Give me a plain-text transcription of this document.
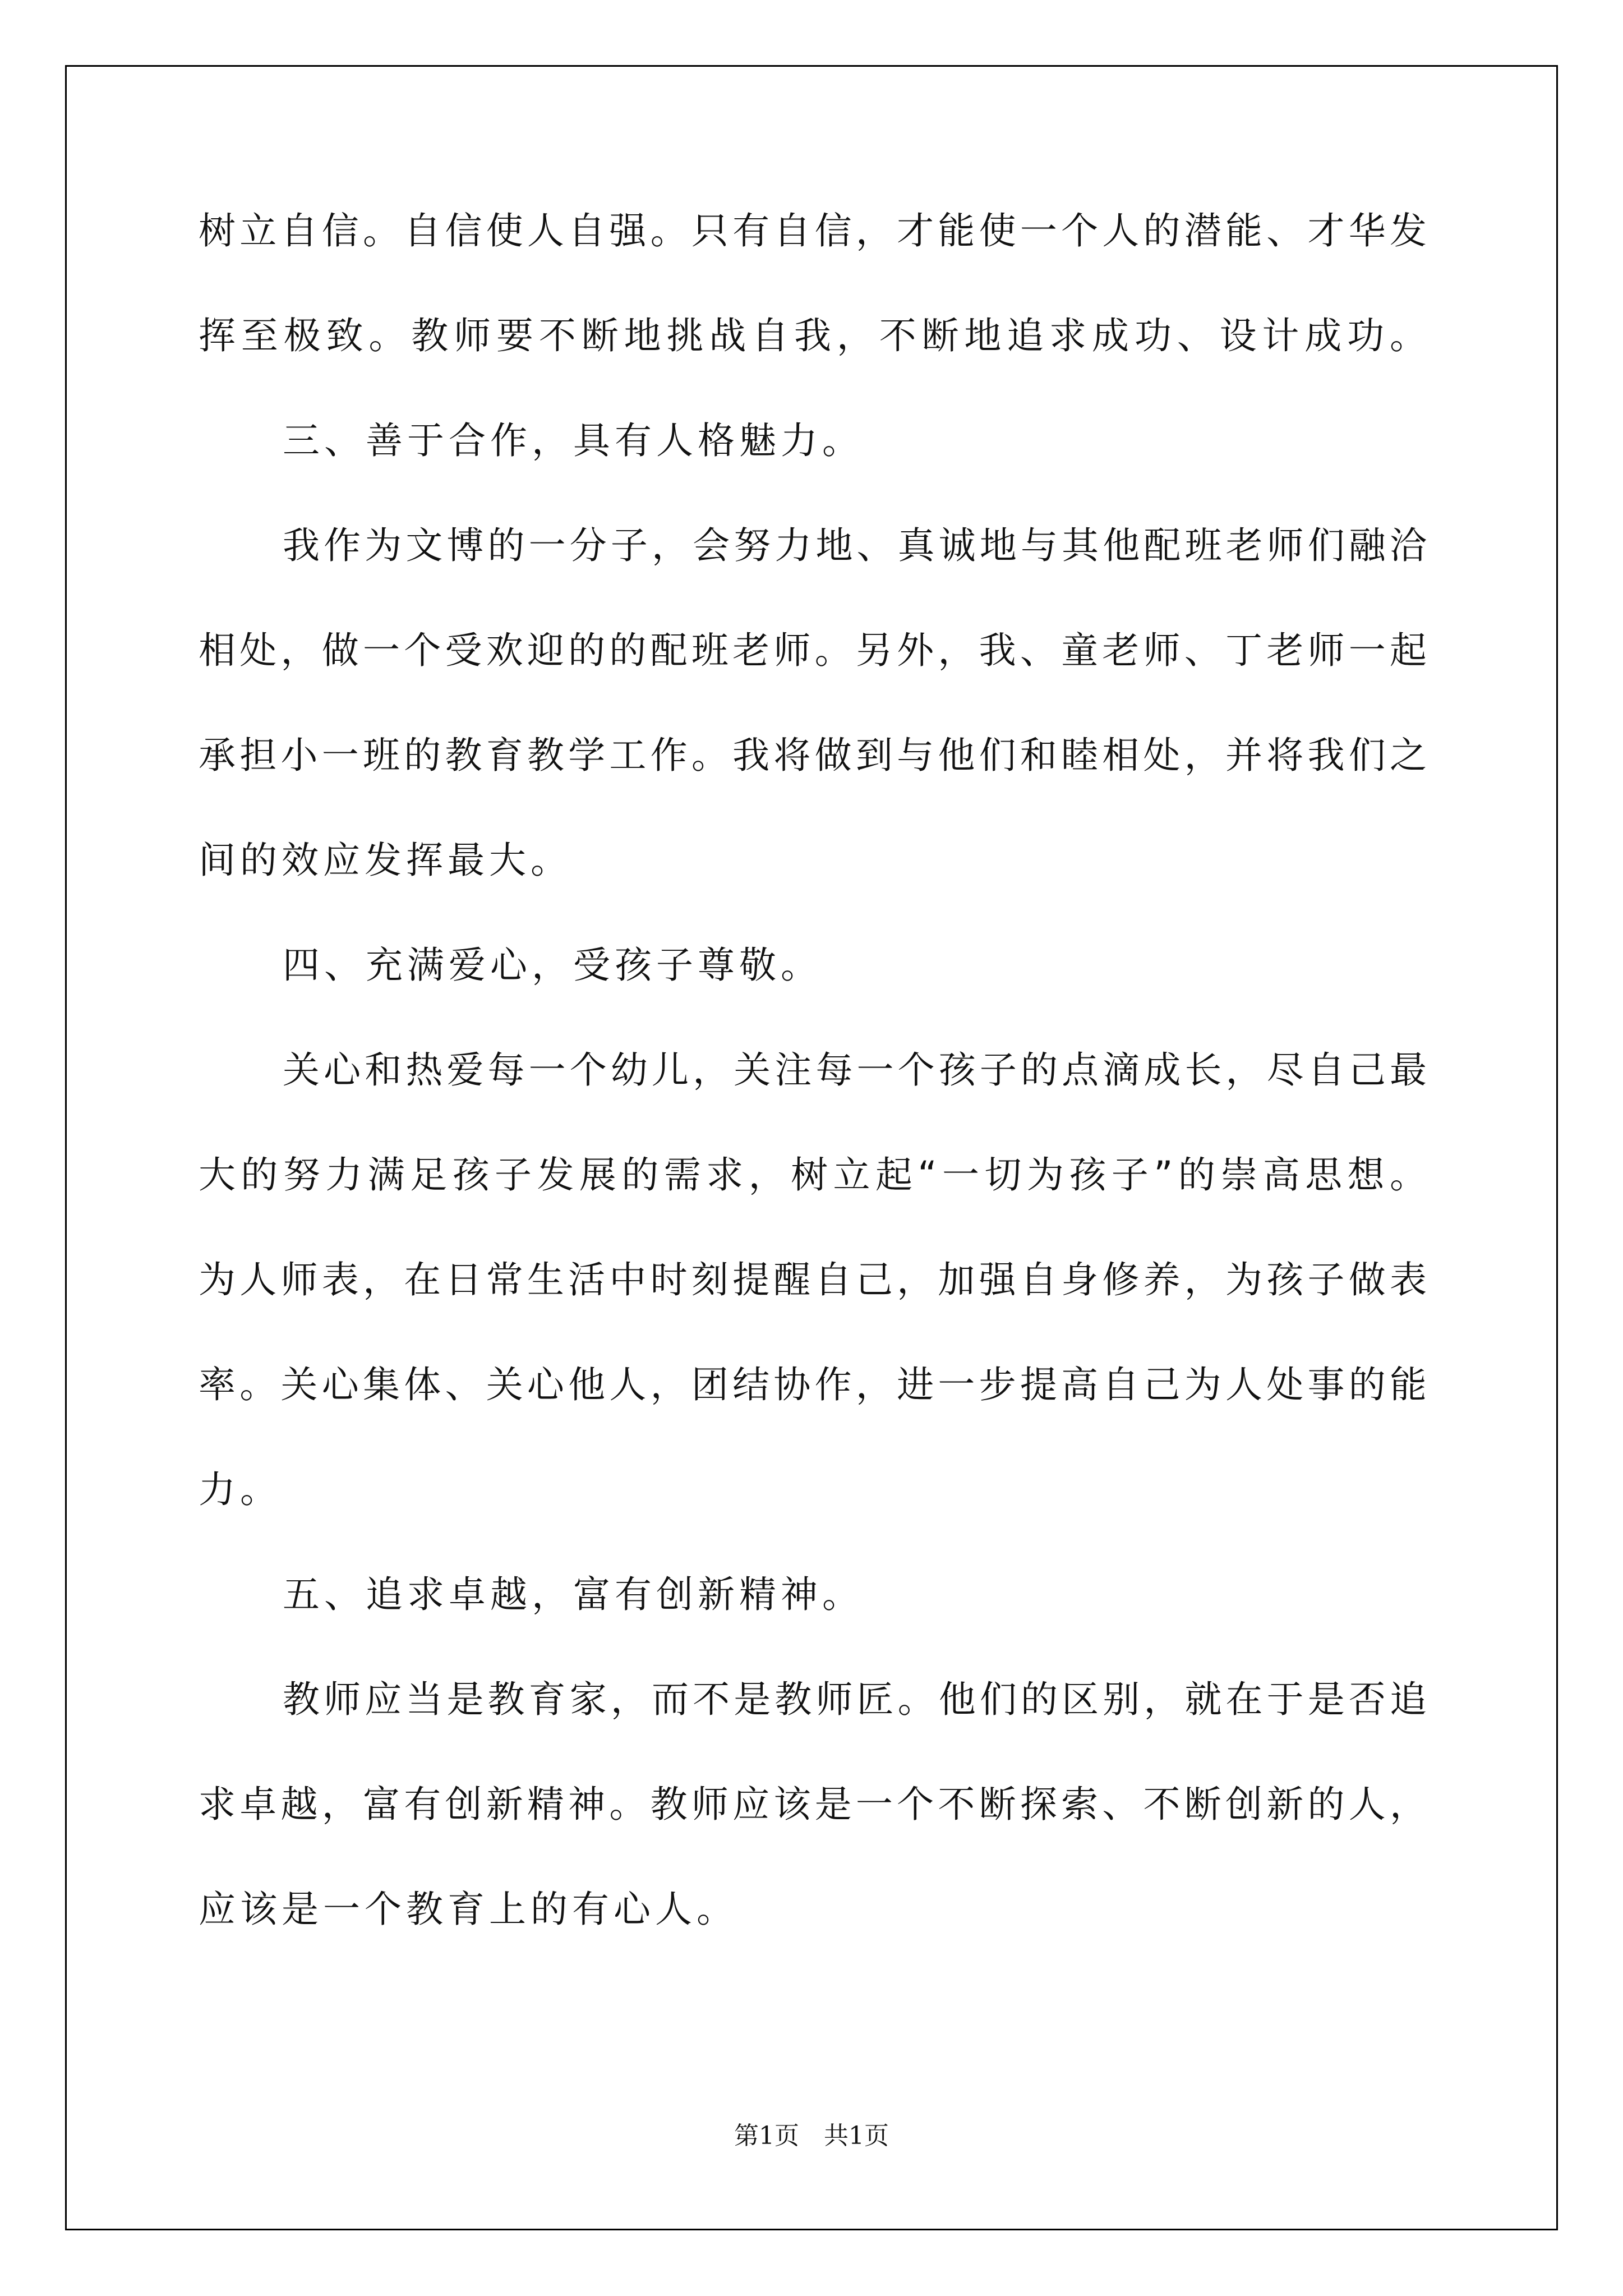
树立自信。自信使人自强。只有自信，才能使一个人的潜能、才华发
挥至极致。教师要不断地挑战自我，不断地追求成功、设计成功。
三、善于合作，具有人格魅力。
我作为文博的一分子，会努力地、真诚地与其他配班老师们融洽
相处，做一个受欢迎的的配班老师。另外，我、童老师、丁老师一起
承担小一班的教育教学工作。我将做到与他们和睦相处，并将我们之
间的效应发挥最大。
四、充满爱心，受孩子尊敬。
关心和热爱每一个幼儿，关注每一个孩子的点滴成长，尽自己最
大的努力满足孩子发展的需求，树立起“一切为孩子”的崇高思想。
为人师表，在日常生活中时刻提醒自己，加强自身修养，为孩子做表
率。关心集体、关心他人，团结协作，进一步提高自己为人处事的能
力。
五、追求卓越，富有创新精神。
教师应当是教育家，而不是教师匠。他们的区别，就在于是否追
求卓越，富有创新精神。教师应该是一个不断探索、不断创新的人，
应该是一个教育上的有心人。
第1页　共1页
